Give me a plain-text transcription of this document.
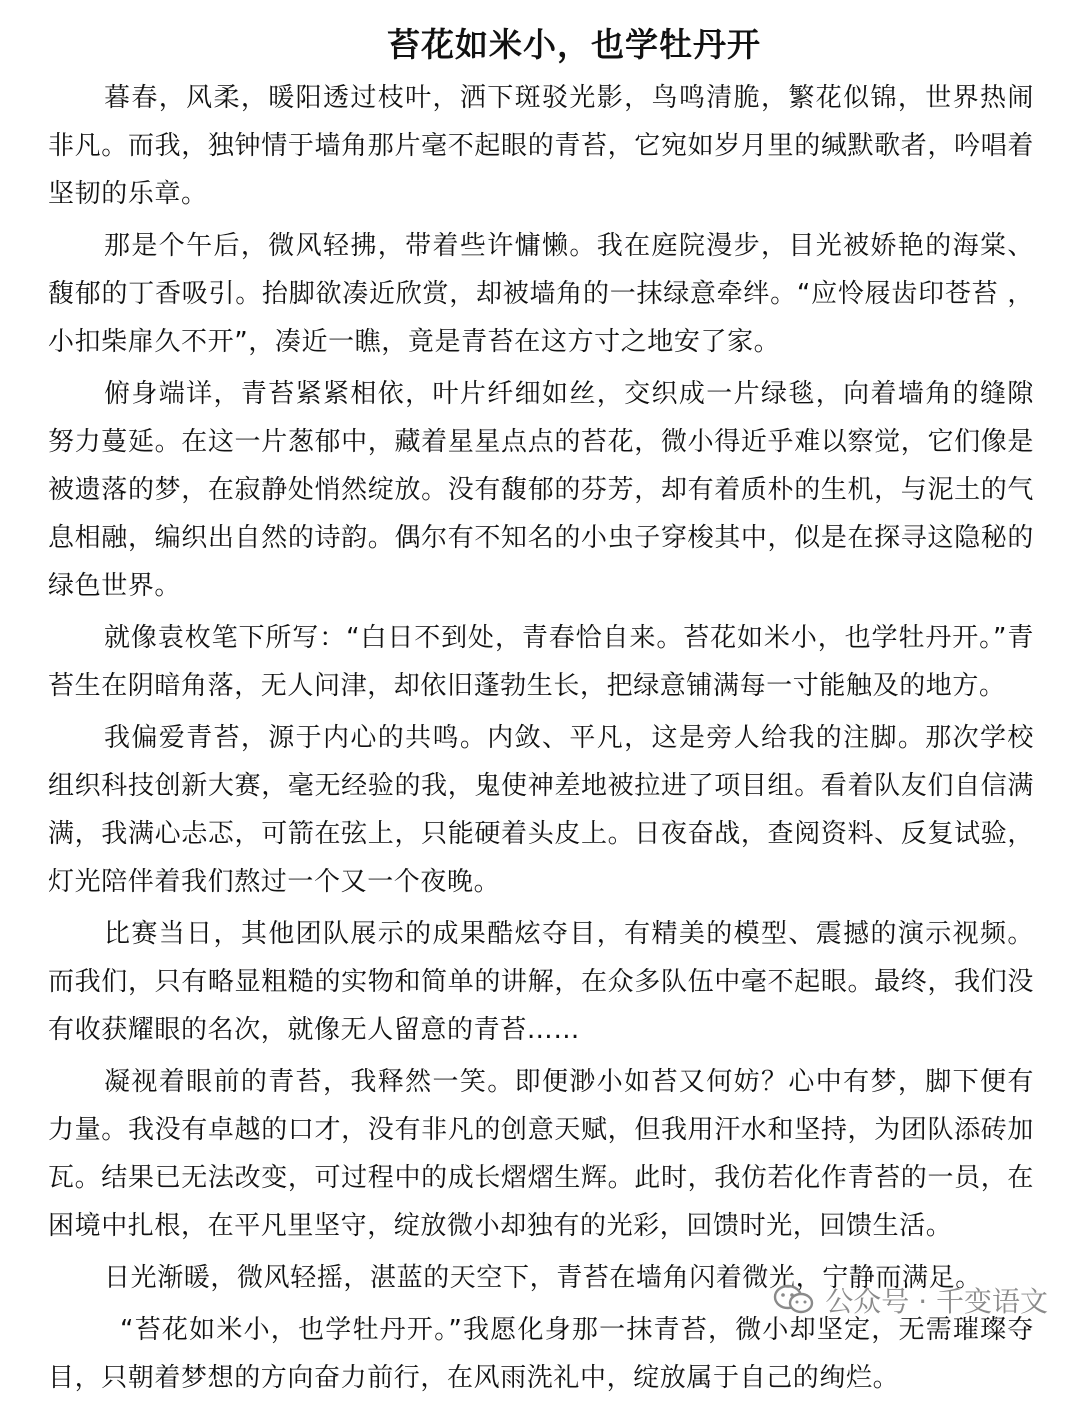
苔花如米小，也学牡丹开

暮春，风柔，暖阳透过枝叶，洒下斑驳光影，鸟鸣清脆，繁花似锦，世界热闹非凡。而我，独钟情于墙角那片毫不起眼的青苔，它宛如岁月里的缄默歌者，吟唱着坚韧的乐章。

那是个午后，微风轻拂，带着些许慵懒。我在庭院漫步，目光被娇艳的海棠、馥郁的丁香吸引。抬脚欲凑近欣赏，却被墙角的一抹绿意牵绊。“应怜屐齿印苍苔 ，小扣柴扉久不开”，凑近一瞧，竟是青苔在这方寸之地安了家。

俯身端详，青苔紧紧相依，叶片纤细如丝，交织成一片绿毯，向着墙角的缝隙努力蔓延。在这一片葱郁中，藏着星星点点的苔花，微小得近乎难以察觉，它们像是被遗落的梦，在寂静处悄然绽放。没有馥郁的芬芳，却有着质朴的生机，与泥土的气息相融，编织出自然的诗韵。偶尔有不知名的小虫子穿梭其中，似是在探寻这隐秘的绿色世界。

就像袁枚笔下所写：“白日不到处，青春恰自来。苔花如米小，也学牡丹开。”青苔生在阴暗角落，无人问津，却依旧蓬勃生长，把绿意铺满每一寸能触及的地方。

我偏爱青苔，源于内心的共鸣。内敛、平凡，这是旁人给我的注脚。那次学校组织科技创新大赛，毫无经验的我，鬼使神差地被拉进了项目组。看着队友们自信满满，我满心忐忑，可箭在弦上，只能硬着头皮上。日夜奋战，查阅资料、反复试验，灯光陪伴着我们熬过一个又一个夜晚。

比赛当日，其他团队展示的成果酷炫夺目，有精美的模型、震撼的演示视频。而我们，只有略显粗糙的实物和简单的讲解，在众多队伍中毫不起眼。最终，我们没有收获耀眼的名次，就像无人留意的青苔……

凝视着眼前的青苔，我释然一笑。即便渺小如苔又何妨？心中有梦，脚下便有力量。我没有卓越的口才，没有非凡的创意天赋，但我用汗水和坚持，为团队添砖加瓦。结果已无法改变，可过程中的成长熠熠生辉。此时，我仿若化作青苔的一员，在困境中扎根，在平凡里坚守，绽放微小却独有的光彩，回馈时光，回馈生活。

日光渐暖，微风轻摇，湛蓝的天空下，青苔在墙角闪着微光，宁静而满足。

“苔花如米小，也学牡丹开。”我愿化身那一抹青苔，微小却坚定，无需璀璨夺目，只朝着梦想的方向奋力前行，在风雨洗礼中，绽放属于自己的绚烂。

公众号 · 千变语文
